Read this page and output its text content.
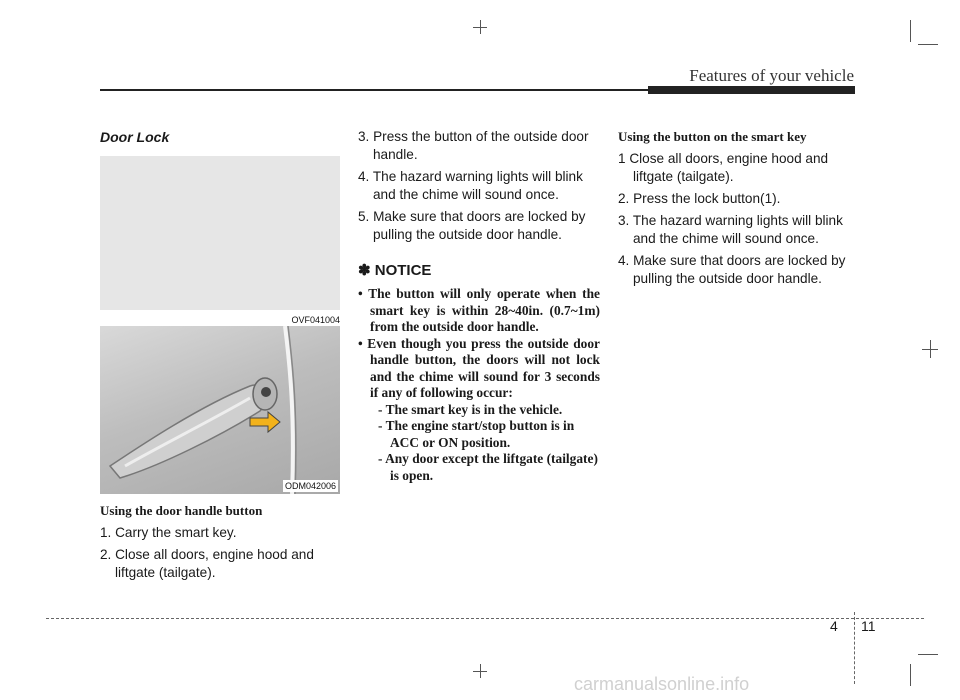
Features of your vehicle
Door Lock
OVF041004
ODM042006
Using the door handle button
1. Carry the smart key.
2. Close all doors, engine hood and liftgate (tailgate).
3. Press the button of the outside door handle.
4. The hazard warning lights will blink and the chime will sound once.
5. Make sure that doors are locked by pulling the outside door handle.
✽ NOTICE
• The button will only operate when the smart key is within 28~40in. (0.7~1m) from the outside door handle.
• Even though you press the outside door handle button, the doors will not lock and the chime will sound for 3 seconds if any of following occur:
- The smart key is in the vehicle.
- The engine start/stop button is in ACC or ON position.
- Any door except the liftgate (tailgate) is open.
Using the button on the smart key
1 Close all doors, engine hood and liftgate (tailgate).
2. Press the lock button(1).
3. The hazard warning lights will blink and the chime will sound once.
4. Make sure that doors are locked by pulling the outside door handle.
4 11
carmanualsonline.info
